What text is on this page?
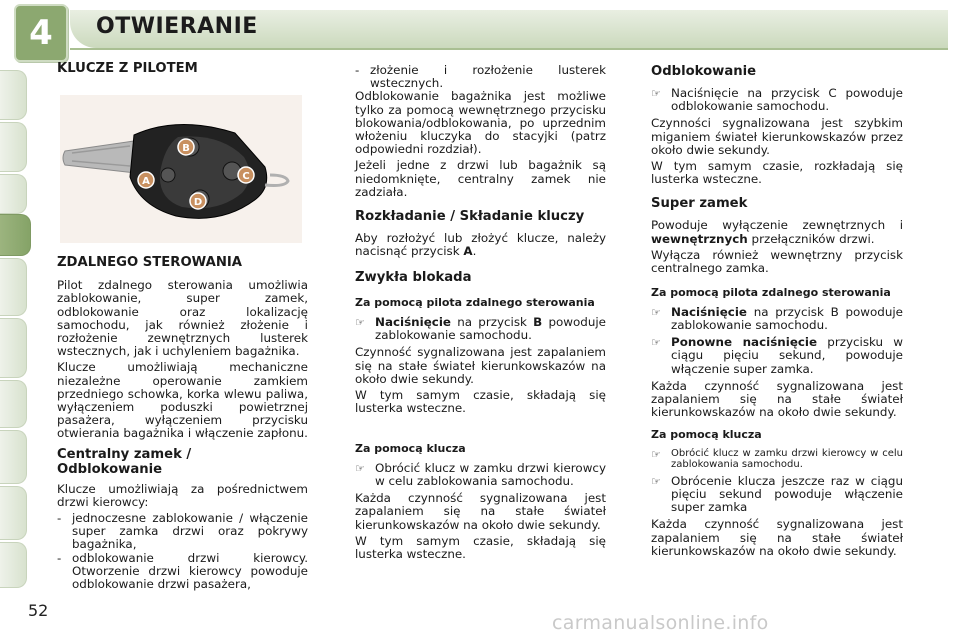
4 OTWIERANIE
KLUCZE Z PILOTEM
A
B
C
D
ZDALNEGO STEROWANIA

Pilot zdalnego sterowania umożliwia zablokowanie, super zamek, odblokowanie oraz lokalizację samochodu, jak również złożenie i rozłożenie zewnętrznych lusterek wstecznych, jak i uchyleniem bagażnika.

Klucze umożliwiają mechaniczne niezależne operowanie zamkiem przedniego schowka, korka wlewu paliwa, wyłączeniem poduszki powietrznej pasażera, wyłączeniem przycisku otwierania bagażnika i włączenie zapłonu.

Centralny zamek /
Odblokowanie

Klucze umożliwiają za pośrednictwem drzwi kierowcy:

- jednoczesne zablokowanie / włączenie super zamka drzwi oraz pokrywy bagażnika,
- odblokowanie drzwi kierowcy. Otworzenie drzwi kierowcy powoduje odblokowanie drzwi pasażera,
- złożenie i rozłożenie lusterek wstecznych.

Odblokowanie bagażnika jest możliwe tylko za pomocą wewnętrznego przycisku blokowania/odblokowania, po uprzednim włożeniu kluczyka do stacyjki (patrz odpowiedni rozdział).

Jeżeli jedne z drzwi lub bagażnik są niedomknięte, centralny zamek nie zadziała.

Rozkładanie / Składanie kluczy

Aby rozłożyć lub złożyć klucze, należy nacisnąć przycisk A.

Zwykła blokada
Za pomocą pilota zdalnego sterowania
☞ Naciśnięcie na przycisk B powoduje zablokowanie samochodu.

Czynność sygnalizowana jest zapalaniem się na stałe świateł kierunkowskazów na około dwie sekundy.

W tym samym czasie, składają się lusterka wsteczne.

Za pomocą klucza
☞ Obrócić klucz w zamku drzwi kierowcy w celu zablokowania samochodu.

Każda czynność sygnalizowana jest zapalaniem się na stałe świateł kierunkowskazów na około dwie sekundy.

W tym samym czasie, składają się lusterka wsteczne.

Odblokowanie
☞ Naciśnięcie na przycisk C powoduje odblokowanie samochodu.

Czynności sygnalizowana jest szybkim miganiem świateł kierunkowskazów przez około dwie sekundy.

W tym samym czasie, rozkładają się lusterka wsteczne.

Super zamek

Powoduje wyłączenie zewnętrznych i wewnętrznych przełączników drzwi.

Wyłącza również wewnętrzny przycisk centralnego zamka.

Za pomocą pilota zdalnego sterowania
☞ Naciśnięcie na przycisk B powoduje zablokowanie samochodu.
☞ Ponowne naciśnięcie przycisku w ciągu pięciu sekund, powoduje włączenie super zamka.

Każda czynność sygnalizowana jest zapalaniem się na stałe świateł kierunkowskazów na około dwie sekundy.

Za pomocą klucza
☞	Obrócić klucz w zamku drzwi kierowcy w celu zablokowania samochodu.
☞ Obrócenie klucza jeszcze raz w ciągu pięciu sekund powoduje włączenie super zamka

Każda czynność sygnalizowana jest zapalaniem się na stałe świateł kierunkowskazów na około dwie sekundy.

52
carmanualsonline.info
